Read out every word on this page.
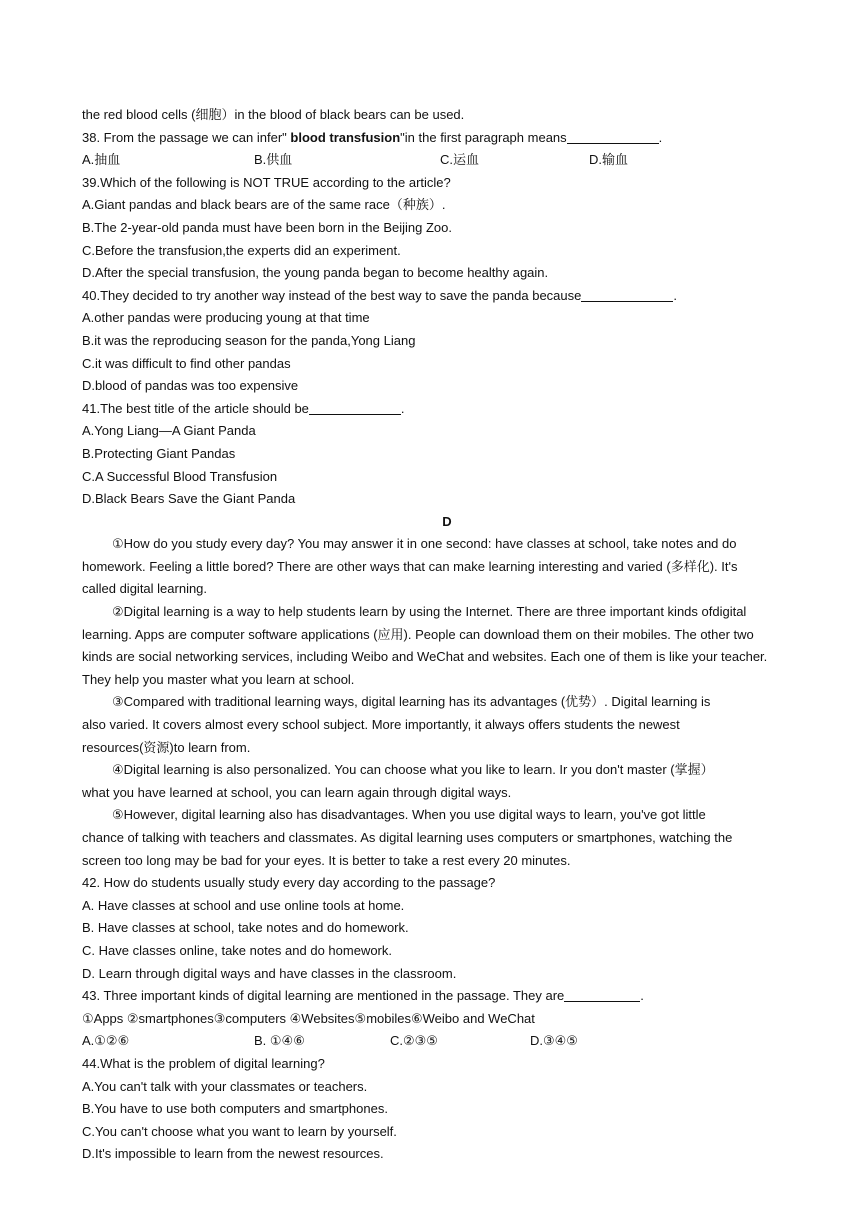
the red blood cells (细胞）in the blood of black bears can be used.
38. From the passage we can infer" blood transfusion"in the first paragraph means	.
A.抽血	B.供血	C.运血	D.输血
39.Which of the following is NOT TRUE according to the article?
A.Giant pandas and black bears are of the same race（种族）.
B.The 2-year-old panda must have been born in the Beijing Zoo.
C.Before the transfusion,the experts did an experiment.
D.After the special transfusion, the young panda began to become healthy again.
40.They decided to try another way instead of the best way to save the panda because	.
A.other pandas were producing young at that time
B.it was the reproducing season for the panda,Yong Liang
C.it was difficult to find other pandas
D.blood of pandas was too expensive
41.The best title of the article should be	.
A.Yong Liang—A Giant Panda
B.Protecting Giant Pandas
C.A Successful Blood Transfusion
D.Black Bears Save the Giant Panda
D
①How do you study every day? You may answer it in one second: have classes at school, take notes and do
homework. Feeling a little bored? There are other ways that can make learning interesting and varied (多样化). It's
called digital learning.
②Digital learning is a way to help students learn by using the Internet. There are three important kinds ofdigital
learning. Apps are computer software applications (应用). People can download them on their mobiles. The other two
kinds are social networking services, including Weibo and WeChat and websites. Each one of them is like your teacher.
They help you master what you learn at school.
③Compared with traditional learning ways, digital learning has its advantages (优势）. Digital learning is
also varied. It covers almost every school subject. More importantly, it always offers students the newest
resources(资源)to learn from.
④Digital learning is also personalized. You can choose what you like to learn. Ir you don't master (掌握）
what you have learned at school, you can learn again through digital ways.
⑤However, digital learning also has disadvantages. When you use digital ways to learn, you've got little
chance of talking with teachers and classmates. As digital learning uses computers or smartphones, watching the
screen too long may be bad for your eyes. It is better to take a rest every 20 minutes.
42. How do students usually study every day according to the passage?
A. Have classes at school and use online tools at home.
B. Have classes at school, take notes and do homework.
C. Have classes online, take notes and do homework.
D. Learn through digital ways and have classes in the classroom.
43. Three important kinds of digital learning are mentioned in the passage. They are	.
①Apps ②smartphones③computers ④Websites⑤mobiles⑥Weibo and WeChat
A.①②⑥	B. ①④⑥	C.②③⑤	D.③④⑤
44.What is the problem of digital learning?
A.You can't talk with your classmates or teachers.
B.You have to use both computers and smartphones.
C.You can't choose what you want to learn by yourself.
D.It's impossible to learn from the newest resources.
